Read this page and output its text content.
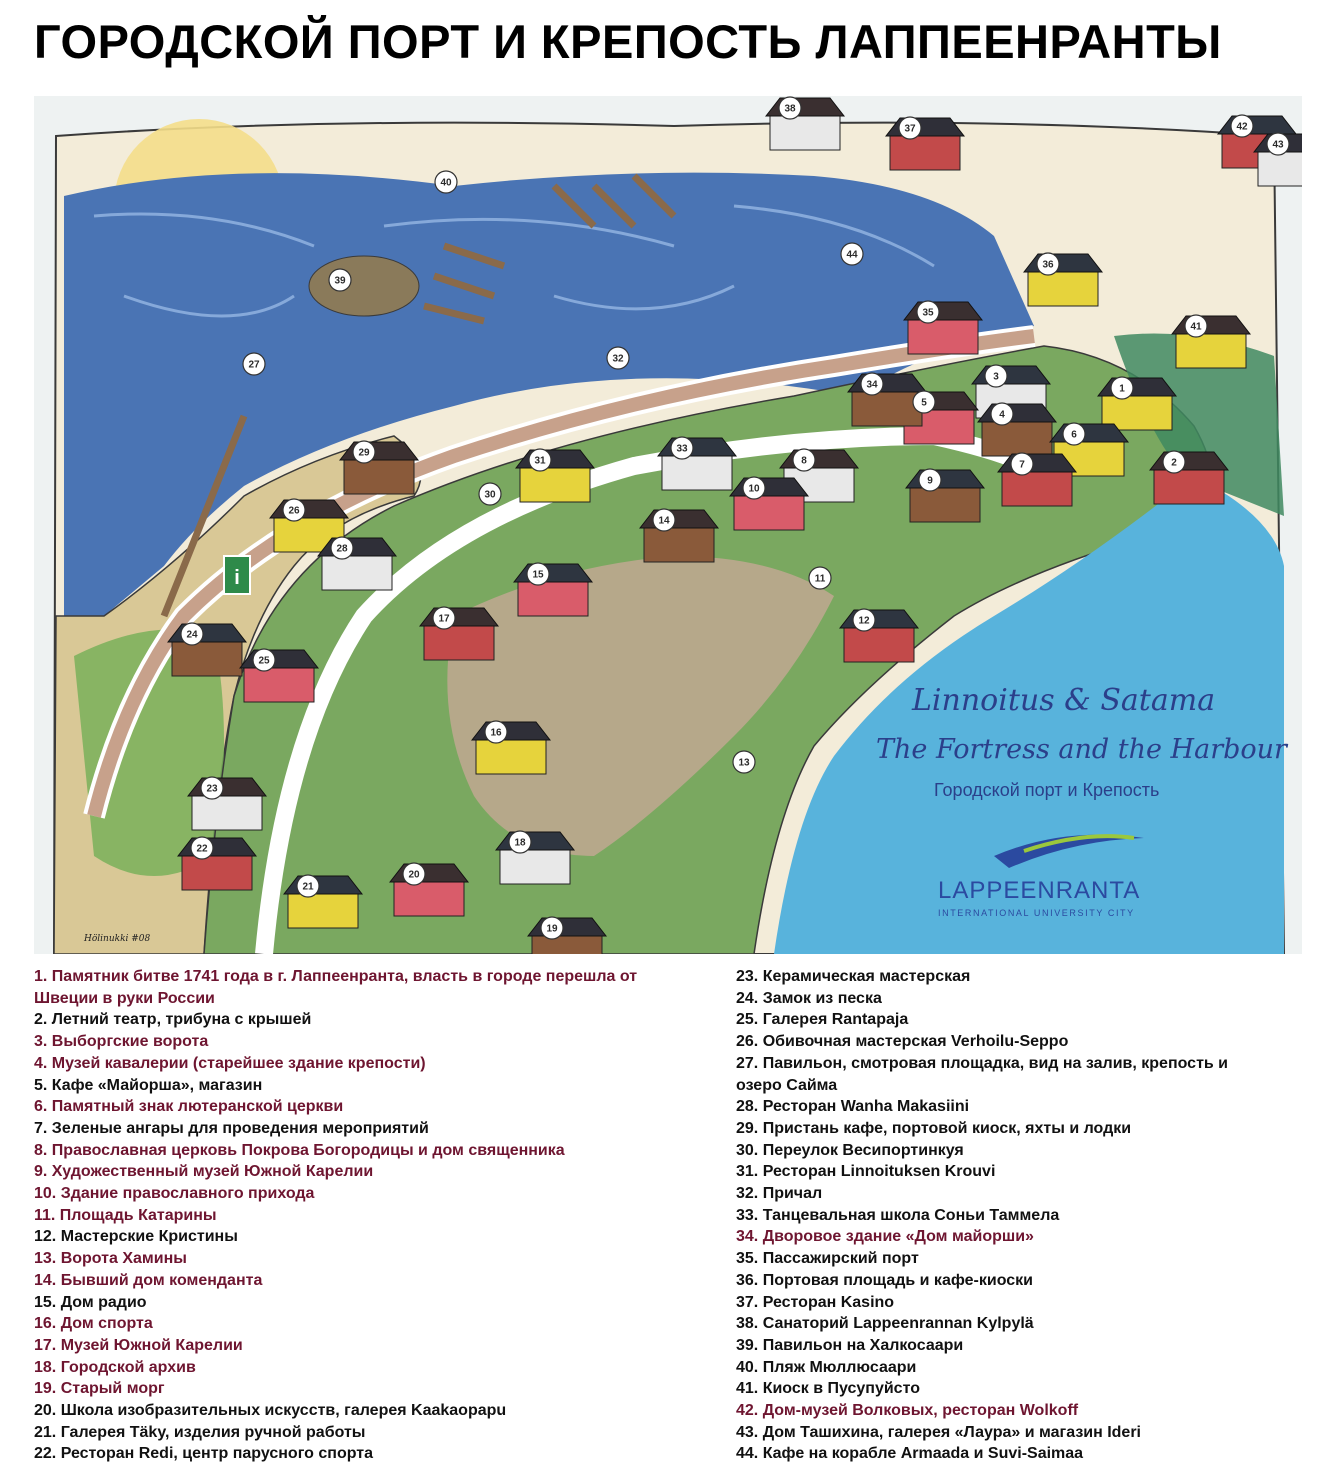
ГОРОДСКОЙ ПОРТ И КРЕПОСТЬ ЛАППЕЕНРАНТЫ
Linnoitus & Satama
The Fortress and the Harbour
Городской порт и Крепость
LAPPEENRANTA
INTERNATIONAL UNIVERSITY CITY
i
Hölinukki #08
1
2
3
4
5
6
7
8
9
10
11
12
13
14
15
16
17
18
19
20
21
22
23
24
25
26
27
28
29
30
31
32
33
34
35
36
37
38
39
40
41
42
43
44
1. Памятник битве 1741 года в г. Лаппеенранта, власть в городе перешла от
Швеции в руки России
2. Летний театр, трибуна с крышей
3. Выборгские ворота
4. Музей кавалерии (старейшее здание крепости)
5. Кафе «Майорша», магазин
6. Памятный знак лютеранской церкви
7. Зеленые ангары для проведения мероприятий
8. Православная церковь Покрова Богородицы и дом священника
9. Художественный музей Южной Карелии
10. Здание православного прихода
11. Площадь Катарины
12. Мастерские Кристины
13. Ворота Хамины
14. Бывший дом коменданта
15. Дом радио
16. Дом спорта
17. Музей Южной Карелии
18. Городской архив
19. Старый морг
20. Школа изобразительных искусств, галерея Kaakaopapu
21. Галерея Täky, изделия ручной работы
22. Ресторан Redi, центр парусного спорта
23. Керамическая мастерская
24. Замок из песка
25. Галерея Rantapaja
26. Обивочная мастерская Verhoilu-Seppo
27. Павильон, смотровая площадка, вид на залив, крепость и
озеро Сайма
28. Ресторан Wanha Makasiini
29. Пристань кафе, портовой киоск, яхты и лодки
30. Переулок Весипортинкуя
31. Ресторан Linnoituksen Krouvi
32. Причал
33. Танцевальная школа Соньи Таммела
34. Дворовое здание «Дом майорши»
35. Пассажирский порт
36. Портовая площадь и кафе-киоски
37. Ресторан Kasino
38. Санаторий Lappeenrannan Kylpylä
39. Павильон на Халкосаари
40. Пляж Мюллюсаари
41. Киоск в Пусупуйсто
42. Дом-музей Волковых, ресторан Wolkoff
43. Дом Ташихина, галерея «Лаура» и магазин Ideri
44. Кафе на корабле Armaada и Suvi-Saimaa
